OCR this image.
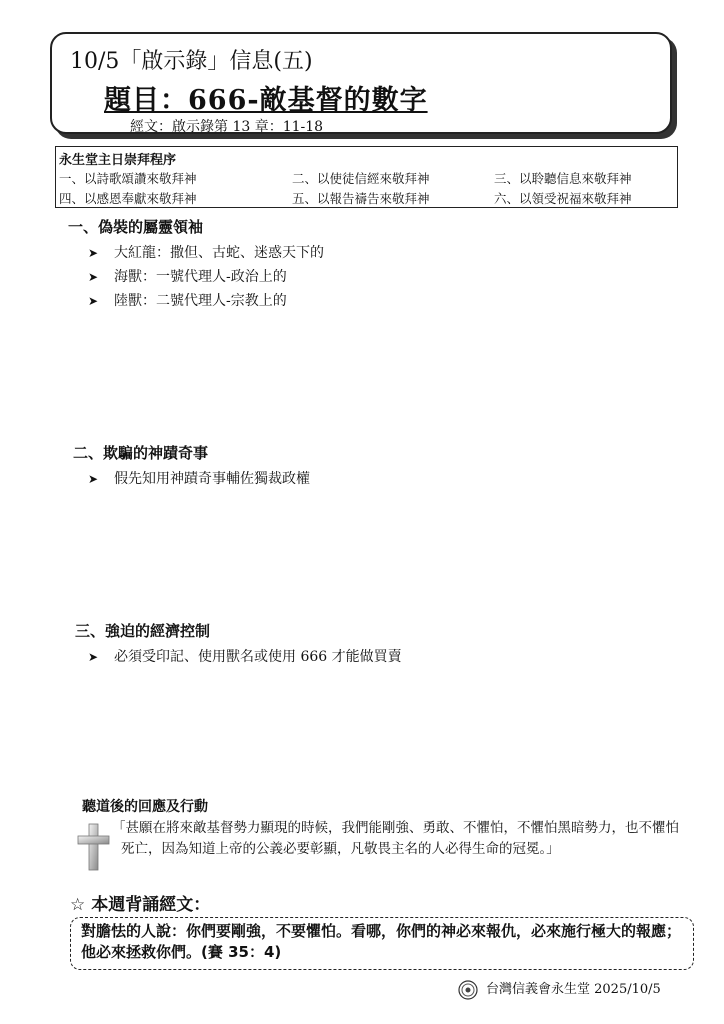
10/5「啟示錄」信息(五)
題目：666-敵基督的數字
經文：啟示錄第 13 章：11-18
永生堂主日崇拜程序
一、以詩歌頌讚來敬拜神	二、以使徒信經來敬拜神	三、以聆聽信息來敬拜神
四、以感恩奉獻來敬拜神	五、以報告禱告來敬拜神	六、以領受祝福來敬拜神
一、偽裝的屬靈領袖
➤ 大紅龍：撒但、古蛇、迷惑天下的
➤ 海獸：一號代理人-政治上的
➤ 陸獸：二號代理人-宗教上的
二、欺騙的神蹟奇事
➤ 假先知用神蹟奇事輔佐獨裁政權
三、強迫的經濟控制
➤ 必須受印記、使用獸名或使用 666 才能做買賣
聽道後的回應及行動
「甚願在將來敵基督勢力顯現的時候，我們能剛強、勇敢、不懼怕，不懼怕黑暗勢力，也不懼怕死亡，因為知道上帝的公義必要彰顯，凡敬畏主名的人必得生命的冠冕。」
☆ 本週背誦經文：
對膽怯的人說：你們要剛強，不要懼怕。看哪，你們的神必來報仇，必來施行極大的報應；他必來拯救你們。(賽 35：4)
台灣信義會永生堂 2025/10/5
